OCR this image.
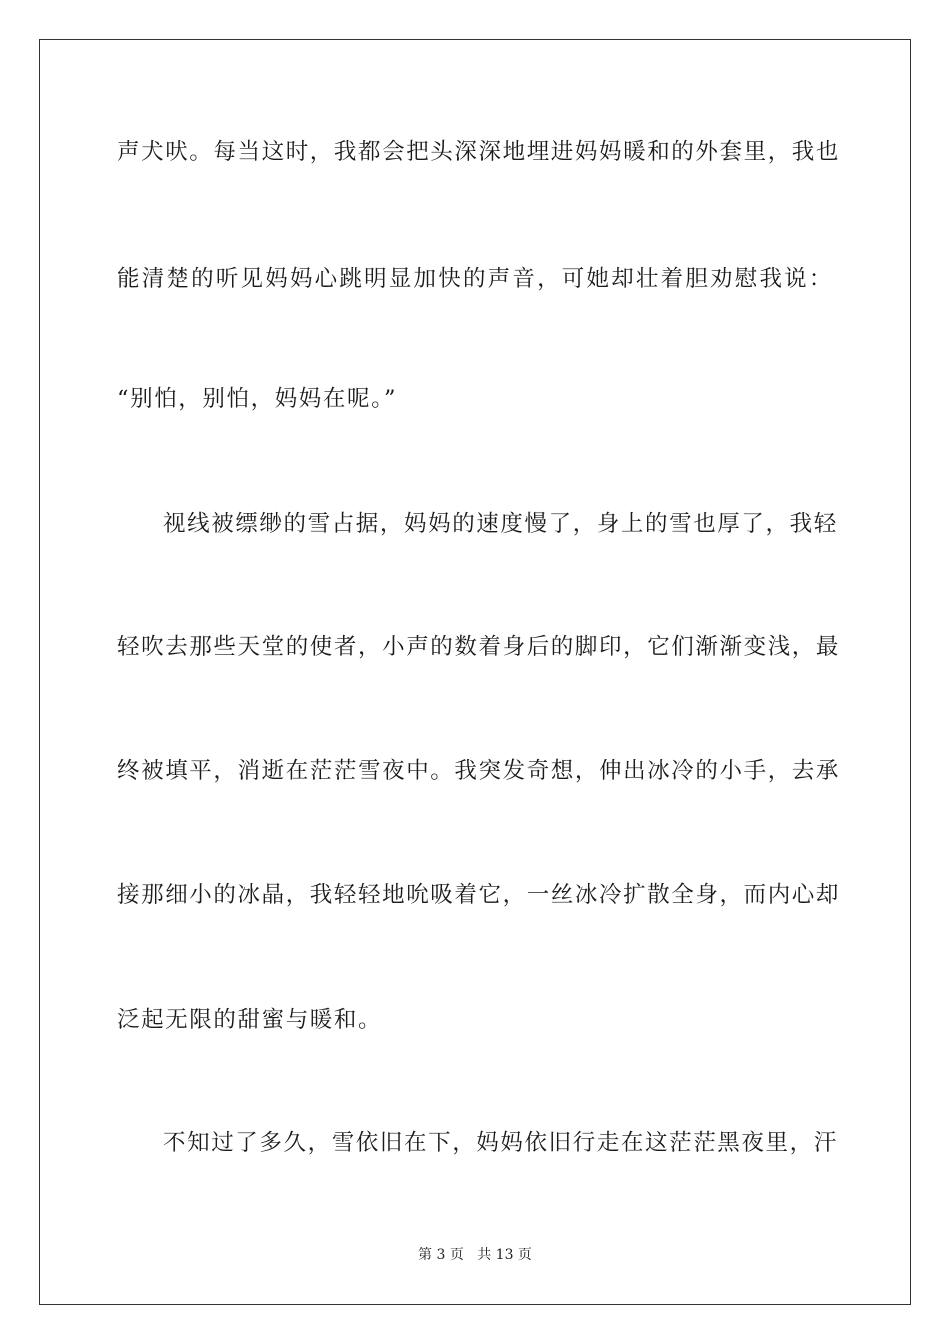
声犬吠。每当这时，我都会把头深深地埋进妈妈暖和的外套里，我也
能清楚的听见妈妈心跳明显加快的声音，可她却壮着胆劝慰我说：
“别怕，别怕，妈妈在呢。”
视线被缥缈的雪占据，妈妈的速度慢了，身上的雪也厚了，我轻
轻吹去那些天堂的使者，小声的数着身后的脚印，它们渐渐变浅，最
终被填平，消逝在茫茫雪夜中。我突发奇想，伸出冰冷的小手，去承
接那细小的冰晶，我轻轻地吮吸着它，一丝冰冷扩散全身，而内心却
泛起无限的甜蜜与暖和。
不知过了多久，雪依旧在下，妈妈依旧行走在这茫茫黑夜里，汗
第 3 页 共 13 页
